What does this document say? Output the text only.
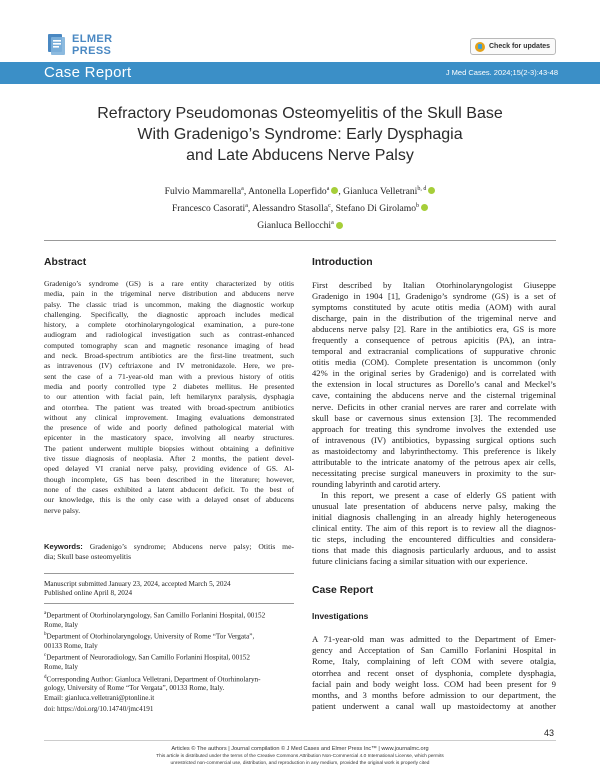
ELMER
PRESS	Check for updates
Case Report	J Med Cases. 2024;15(2-3):43-48
Refractory Pseudomonas Osteomyelitis of the Skull Base
With Gradenigo’s Syndrome: Early Dysphagia
and Late Abducens Nerve Palsy
Fulvio Mammarella$^a$, Antonella Loperfido$^a$ , Gianluca Velletrani$^{b, d}$
Francesco Casorati$^a$, Alessandro Stasolla$^c$, Stefano Di Girolamo$^b$
Gianluca Bellocchi$^a$
Abstract
Gradenigo’s syndrome (GS) is a rare entity characterized by otitis
media, pain in the trigeminal nerve distribution and abducens nerve
palsy. The classic triad is uncommon, making the diagnostic workup
challenging. Specifically, the diagnostic approach includes medical
history, a complete otorhinolaryngological examination, a pure-tone
audiogram and radiological investigation such as contrast-enhanced
computed tomography scan and magnetic resonance imaging of head
and neck. Broad-spectrum antibiotics are the first-line treatment, such
as intravenous (IV) ceftriaxone and IV metronidazole. Here, we pre-
sent the case of a 71-year-old man with a previous history of otitis
media and poorly controlled type 2 diabetes mellitus. He presented
to our attention with facial pain, left hemilarynx paralysis, dysphagia
and otorrhea. The patient was treated with broad-spectrum antibiotics
without any clinical improvement. Imaging evaluations demonstrated
the presence of wide and poorly defined pathological material with
epicenter in the masticatory space, involving all nearby structures.
The patient underwent multiple biopsies without obtaining a definitive
tive tissue diagnosis of neoplasia. After 2 months, the patient devel-
oped delayed VI cranial nerve palsy, providing evidence of GS. Al-
though incomplete, GS has been described in the literature; however,
none of the cases exhibited a latent abducent deficit. To the best of
our knowledge, this is the only case with a delayed onset of abducens
nerve palsy.
Keywords: Gradenigo’s syndrome; Abducens nerve palsy; Otitis me-
dia; Skull base osteomyelitis
Manuscript submitted January 23, 2024, accepted March 5, 2024
Published online April 8, 2024
$^a$Department of Otorhinolaryngology, San Camillo Forlanini Hospital, 00152
Rome, Italy
$^b$Department of Otorhinolaryngology, University of Rome “Tor Vergata”,
00133 Rome, Italy
$^c$Department of Neuroradiology, San Camillo Forlanini Hospital, 00152
Rome, Italy
$^d$Corresponding Author: Gianluca Velletrani, Department of Otorhinolaryn-
gology, University of Rome “Tor Vergata”, 00133 Rome, Italy.
Email: gianluca.velletrani@ptonline.it
doi: https://doi.org/10.14740/jmc4191
Introduction
First described by Italian Otorhinolaryngologist Giuseppe
Gradenigo in 1904 [1], Gradenigo’s syndrome (GS) is a set of
symptoms constituted by acute otitis media (AOM) with aural
discharge, pain in the distribution of the trigeminal nerve and
abducens nerve palsy [2]. Rare in the antibiotics era, GS is more
frequently a consequence of petrous apicitis (PA), an intra-
temporal and extracranial complications of suppurative chronic
otitis media (COM). Complete presentation is uncommon (only
42% in the original series by Gradenigo) and is correlated with
the extension in local structures as Dorello’s canal and Meckel’s
cave, containing the abducens nerve and the cisternal trigeminal
nerve. Deficits in other cranial nerves are rarer and correlate with
skull base or cavernous sinus extension [3]. The recommended
approach for treating this syndrome involves the extended use
of intravenous (IV) antibiotics, bypassing surgical options such
as mastoidectomy and labyrinthectomy. This preference is likely
attributable to the intricate anatomy of the petrous apex air cells,
necessitating precise surgical maneuvers in proximity to the sur-
rounding labyrinth and carotid artery.
In this report, we present a case of elderly GS patient with
unusual late presentation of abducens nerve palsy, making the
initial diagnosis challenging in an already highly heterogeneous
clinical entity. The aim of this report is to review all the diagnos-
tic steps, including the encountered difficulties and considera-
tions that made this diagnosis particularly arduous, and to assist
future clinicians facing a similar situation with our experience.
Case Report
Investigations
A 71-year-old man was admitted to the Department of Emer-
gency and Acceptation of San Camillo Forlanini Hospital in
Rome, Italy, complaining of left COM with severe otalgia,
otorrhea and recent onset of dysphonia, complete dysphagia,
facial pain and body weight loss. COM had been present for 9
months, and 3 months before admission to our department, the
patient underwent a canal wall up mastoidectomy at another
Articles © The authors | Journal compilation © J Med Cases and Elmer Press Inc™ | www.journalmc.org
This article is distributed under the terms of the Creative Commons Attribution Non-Commercial 4.0 International License, which permits
unrestricted non-commercial use, distribution, and reproduction in any medium, provided the original work is properly cited
43
